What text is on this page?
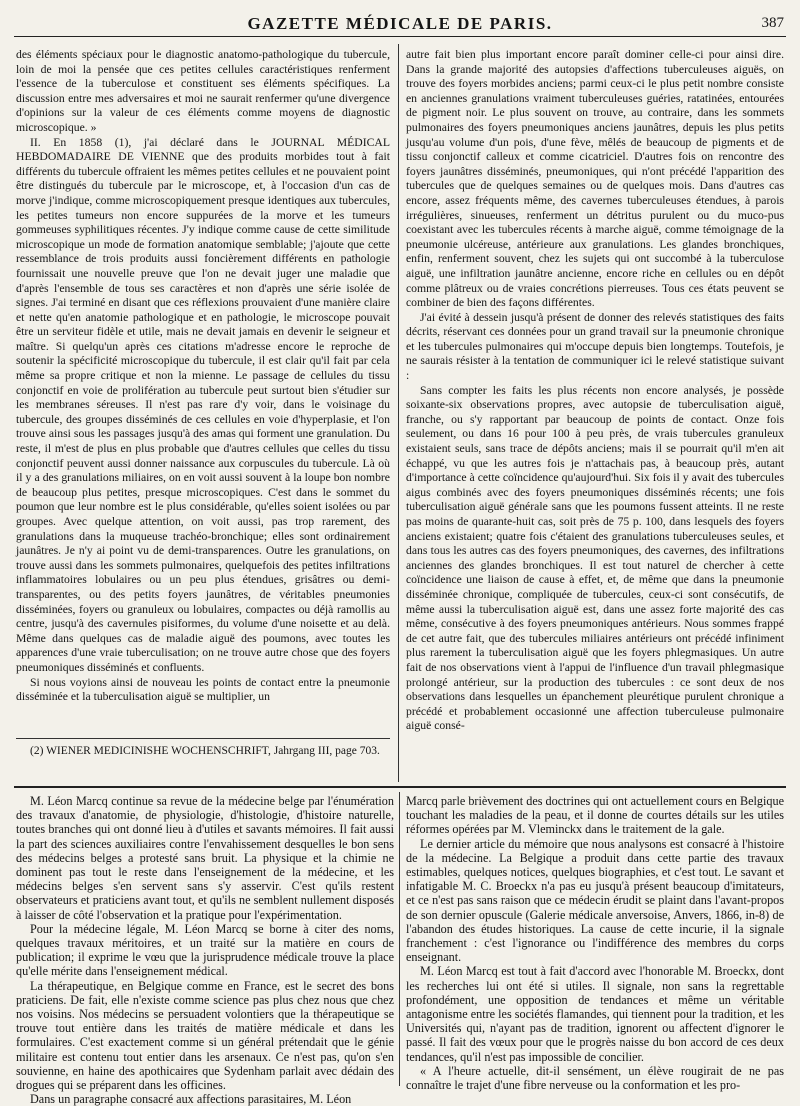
GAZETTE MÉDICALE DE PARIS.	387

des éléments spéciaux pour le diagnostic anatomo-pathologique du tubercule, loin de moi la pensée que ces petites cellules caractéristiques renferment l'essence de la tuberculose et constituent ses éléments spécifiques. La discussion entre mes adversaires et moi ne saurait renfermer qu'une divergence d'opinions sur la valeur de ces éléments comme moyens de diagnostic microscopique. »

II. En 1858 (1), j'ai déclaré dans le JOURNAL MÉDICAL HEBDOMADAIRE DE VIENNE que des produits morbides tout à fait différents du tubercule offraient les mêmes petites cellules et ne pouvaient point être distingués du tubercule par le microscope, et, à l'occasion d'un cas de morve j'indique, comme microscopiquement presque identiques aux tubercules, les petites tumeurs non encore suppurées de la morve et les tumeurs gommeuses syphilitiques récentes. J'y indique comme cause de cette similitude microscopique un mode de formation anatomique semblable; j'ajoute que cette ressemblance de trois produits aussi foncièrement différents en pathologie fournissait une nouvelle preuve que l'on ne devait juger une maladie que d'après l'ensemble de tous ses caractères et non d'après une série isolée de signes. J'ai terminé en disant que ces réflexions prouvaient d'une manière claire et nette qu'en anatomie pathologique et en pathologie, le microscope pouvait être un serviteur fidèle et utile, mais ne devait jamais en devenir le seigneur et maître. Si quelqu'un après ces citations m'adresse encore le reproche de soutenir la spécificité microscopique du tubercule, il est clair qu'il fait par cela même sa propre critique et non la mienne. Le passage de cellules du tissu conjonctif en voie de prolifération au tubercule peut surtout bien s'étudier sur les membranes séreuses. Il n'est pas rare d'y voir, dans le voisinage du tubercule, des groupes disséminés de ces cellules en voie d'hyperplasie, et l'on trouve ainsi sous les passages jusqu'à des amas qui forment une granulation. Du reste, il m'est de plus en plus probable que d'autres cellules que celles du tissu conjonctif peuvent aussi donner naissance aux corpuscules du tubercule. Là où il y a des granulations miliaires, on en voit aussi souvent à la loupe bon nombre de beaucoup plus petites, presque microscopiques. C'est dans le sommet du poumon que leur nombre est le plus considérable, qu'elles soient isolées ou par groupes. Avec quelque attention, on voit aussi, pas trop rarement, des granulations dans la muqueuse trachéo-bronchique; elles sont ordinairement jaunâtres. Je n'y ai point vu de demi-transparences. Outre les granulations, on trouve aussi dans les sommets pulmonaires, quelquefois des petites infiltrations inflammatoires lobulaires ou un peu plus étendues, grisâtres ou demi-transparentes, ou des petits foyers jaunâtres, de véritables pneumonies disséminées, foyers ou granuleux ou lobulaires, compactes ou déjà ramollis au centre, jusqu'à des cavernules pisiformes, du volume d'une noisette et au delà. Même dans quelques cas de maladie aiguë des poumons, avec toutes les apparences d'une vraie tuberculisation; on ne trouve autre chose que des foyers pneumoniques disséminés et confluents.

Si nous voyions ainsi de nouveau les points de contact entre la pneumonie disséminée et la tuberculisation aiguë se multiplier, un

(2) WIENER MEDICINISHE WOCHENSCHRIFT, Jahrgang III, page 703.

autre fait bien plus important encore paraît dominer celle-ci pour ainsi dire. Dans la grande majorité des autopsies d'affections tuberculeuses aiguës, on trouve des foyers morbides anciens; parmi ceux-ci le plus petit nombre consiste en anciennes granulations vraiment tuberculeuses guéries, ratatinées, entourées de pigment noir. Le plus souvent on trouve, au contraire, dans les sommets pulmonaires des foyers pneumoniques anciens jaunâtres, depuis les plus petits jusqu'au volume d'un pois, d'une fève, mêlés de beaucoup de pigments et de tissu conjonctif calleux et comme cicatriciel. D'autres fois on rencontre des foyers jaunâtres disséminés, pneumoniques, qui n'ont précédé l'apparition des tubercules que de quelques semaines ou de quelques mois. Dans d'autres cas encore, assez fréquents même, des cavernes tuberculeuses étendues, à parois irrégulières, sinueuses, renferment un détritus purulent ou du muco-pus coexistant avec les tubercules récents à marche aiguë, comme témoignage de la pneumonie ulcéreuse, antérieure aux granulations. Les glandes bronchiques, enfin, renferment souvent, chez les sujets qui ont succombé à la tuberculose aiguë, une infiltration jaunâtre ancienne, encore riche en cellules ou en dépôt comme plâtreux ou de vraies concrétions pierreuses. Tous ces états peuvent se combiner de bien des façons différentes.

J'ai évité à dessein jusqu'à présent de donner des relevés statistiques des faits décrits, réservant ces données pour un grand travail sur la pneumonie chronique et les tubercules pulmonaires qui m'occupe depuis bien longtemps. Toutefois, je ne saurais résister à la tentation de communiquer ici le relevé statistique suivant :

Sans compter les faits les plus récents non encore analysés, je possède soixante-six observations propres, avec autopsie de tuberculisation aiguë, franche, ou s'y rapportant par beaucoup de points de contact. Onze fois seulement, ou dans 16 pour 100 à peu près, de vrais tubercules granuleux existaient seuls, sans trace de dépôts anciens; mais il se pourrait qu'il m'en ait échappé, vu que les autres fois je n'attachais pas, à beaucoup près, autant d'importance à cette coïncidence qu'aujourd'hui. Six fois il y avait des tubercules aigus combinés avec des foyers pneumoniques disséminés récents; une fois tuberculisation aiguë générale sans que les poumons fussent atteints. Il ne reste pas moins de quarante-huit cas, soit près de 75 p. 100, dans lesquels des foyers anciens existaient; quatre fois c'étaient des granulations tuberculeuses seules, et dans tous les autres cas des foyers pneumoniques, des cavernes, des infiltrations anciennes des glandes bronchiques. Il est tout naturel de chercher à cette coïncidence une liaison de cause à effet, et, de même que dans la pneumonie disséminée chronique, compliquée de tubercules, ceux-ci sont consécutifs, de même aussi la tuberculisation aiguë est, dans une assez forte majorité des cas même, consécutive à des foyers pneumoniques antérieurs. Nous sommes frappé de cet autre fait, que des tubercules miliaires antérieurs ont précédé infiniment plus rarement la tuberculisation aiguë que les foyers phlegmasiques. Un autre fait de nos observations vient à l'appui de l'influence d'un travail phlegmasique prolongé antérieur, sur la production des tubercules : ce sont deux de nos observations dans lesquelles un épanchement pleurétique purulent chronique a précédé et probablement occasionné une affection tuberculeuse pulmonaire aiguë consé-

M. Léon Marcq continue sa revue de la médecine belge par l'énumération des travaux d'anatomie, de physiologie, d'histologie, d'histoire naturelle, toutes branches qui ont donné lieu à d'utiles et savants mémoires. Il fait aussi la part des sciences auxiliaires contre l'envahissement desquelles le bon sens des médecins belges a protesté sans bruit. La physique et la chimie ne dominent pas tout le reste dans l'enseignement de la médecine, et les médecins belges s'en servent sans s'y asservir. C'est qu'ils restent observateurs et praticiens avant tout, et qu'ils ne semblent nullement disposés à laisser de côté l'observation et la pratique pour l'expérimentation.

Pour la médecine légale, M. Léon Marcq se borne à citer des noms, quelques travaux méritoires, et un traité sur la matière en cours de publication; il exprime le vœu que la jurisprudence médicale trouve la place qu'elle mérite dans l'enseignement médical.

La thérapeutique, en Belgique comme en France, est le secret des bons praticiens. De fait, elle n'existe comme science pas plus chez nous que chez nos voisins. Nos médecins se persuadent volontiers que la thérapeutique se trouve tout entière dans les traités de matière médicale et dans les formulaires. C'est exactement comme si un général prétendait que le génie militaire est contenu tout entier dans les arsenaux. Ce n'est pas, qu'on s'en souvienne, en haine des apothicaires que Sydenham parlait avec dédain des drogues qui se préparent dans les officines.

Dans un paragraphe consacré aux affections parasitaires, M. Léon

Marcq parle brièvement des doctrines qui ont actuellement cours en Belgique touchant les maladies de la peau, et il donne de courtes détails sur les utiles réformes opérées par M. Vleminckx dans le traitement de la gale.

Le dernier article du mémoire que nous analysons est consacré à l'histoire de la médecine. La Belgique a produit dans cette partie des travaux estimables, quelques notices, quelques biographies, et c'est tout. Le savant et infatigable M. C. Broeckx n'a pas eu jusqu'à présent beaucoup d'imitateurs, et ce n'est pas sans raison que ce médecin érudit se plaint dans l'avant-propos de son dernier opuscule (Galerie médicale anversoise, Anvers, 1866, in-8) de l'abandon des études historiques. La cause de cette incurie, il la signale franchement : c'est l'ignorance ou l'indifférence des membres du corps enseignant.

M. Léon Marcq est tout à fait d'accord avec l'honorable M. Broeckx, dont les recherches lui ont été si utiles. Il signale, non sans la regrettable profondément, une opposition de tendances et même un véritable antagonisme entre les sociétés flamandes, qui tiennent pour la tradition, et les Universités qui, n'ayant pas de tradition, ignorent ou affectent d'ignorer le passé. Il fait des vœux pour que le progrès naisse du bon accord de ces deux tendances, qu'il n'est pas impossible de concilier.

« A l'heure actuelle, dit-il sensément, un élève rougirait de ne pas connaître le trajet d'une fibre nerveuse ou la conformation et les pro-
